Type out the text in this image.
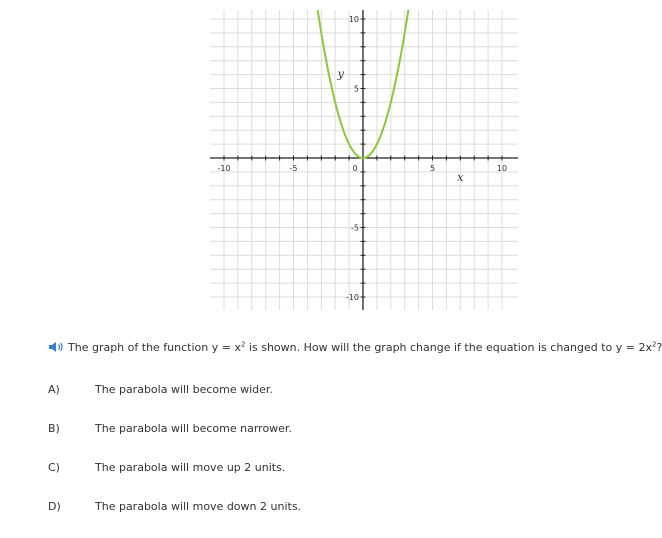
-10	-5	0	5	10
10
5
-5
-10
x
y
The graph of the function $y = x^2$ is shown. How will the graph change if the equation is changed to $y = 2x^2$?
A)	The parabola will become wider.
B)	The parabola will become narrower.
C)	The parabola will move up 2 units.
D)	The parabola will move down 2 units.
